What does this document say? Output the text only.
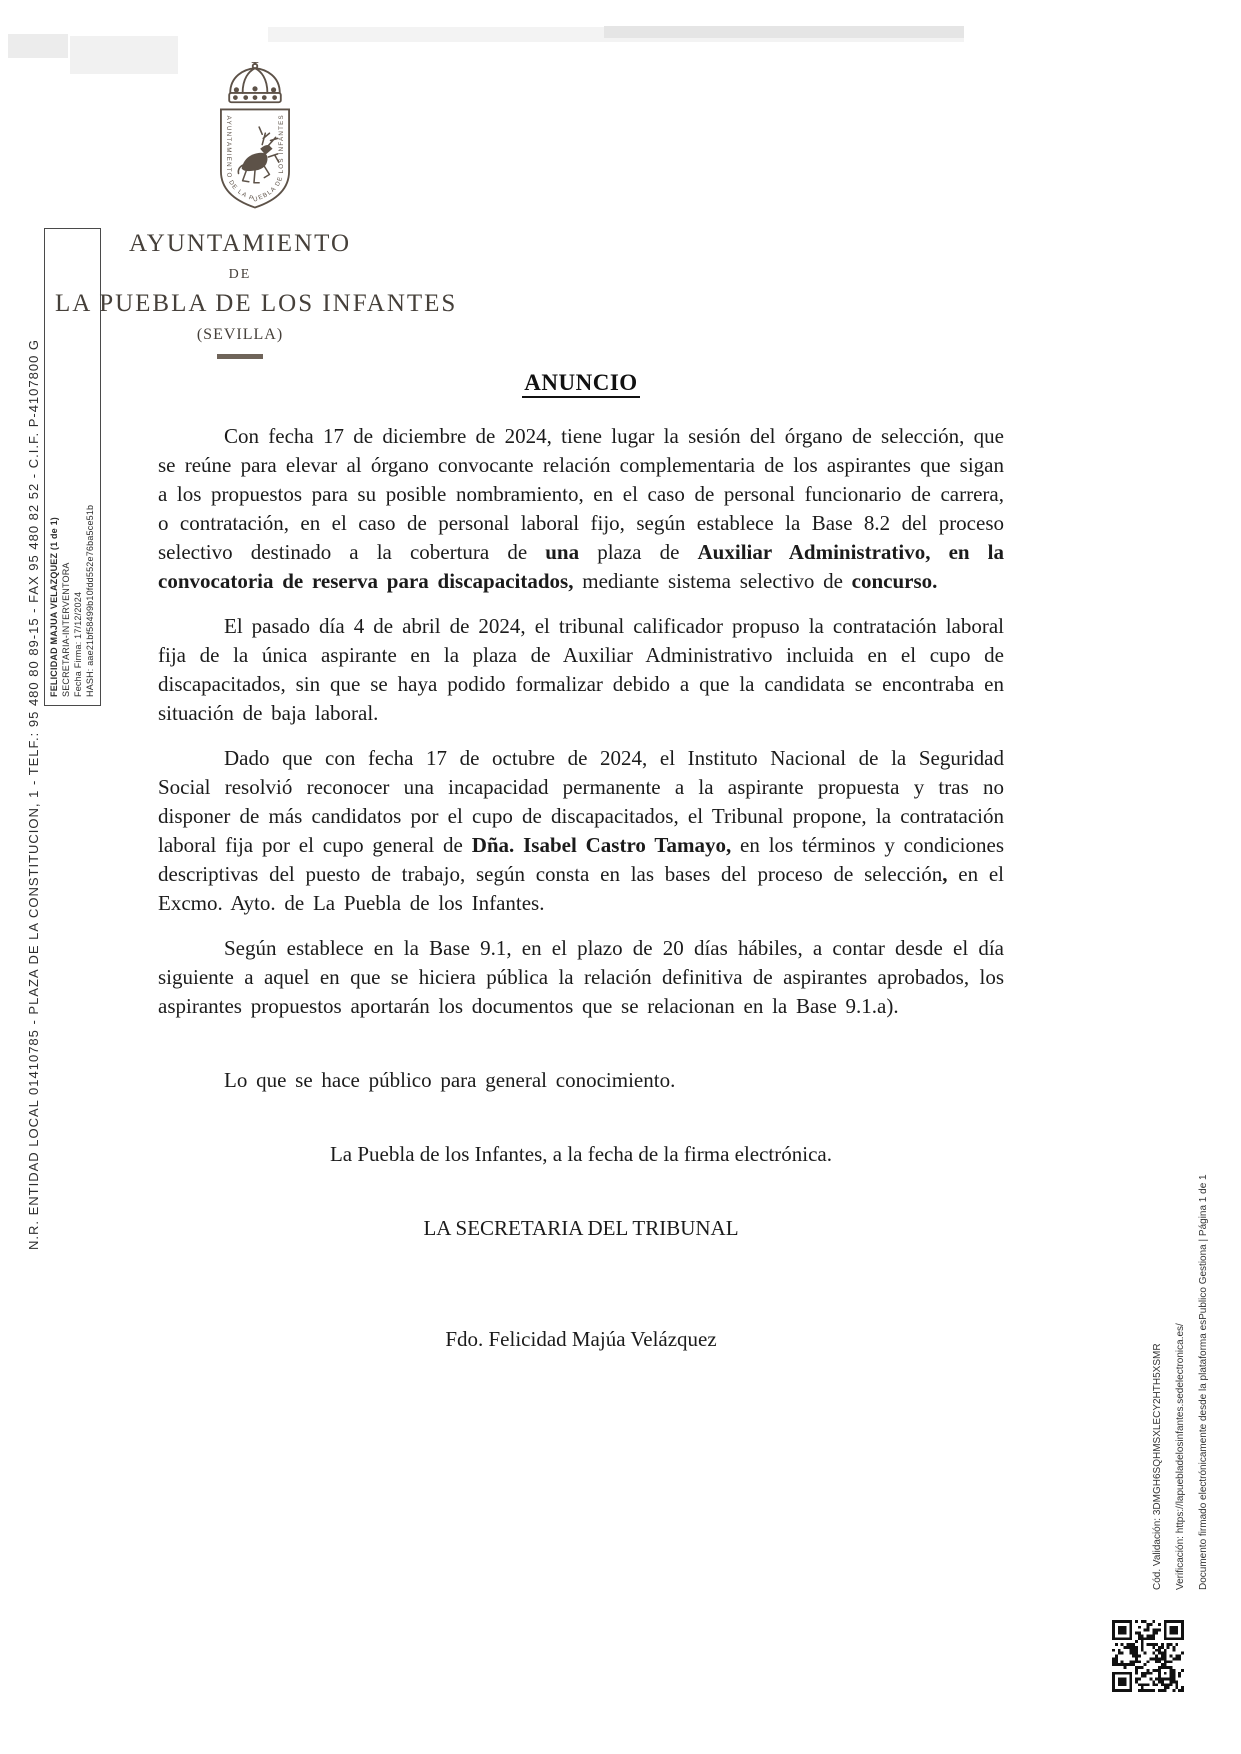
AYUNTAMIENTO DE LA PUEBLA DE LOS INFANTES
AYUNTAMIENTO
DE
LA PUEBLA DE LOS INFANTES
(SEVILLA)
ANUNCIO

Con fecha 17 de diciembre de 2024, tiene lugar la sesión del órgano de selección, que se reúne para elevar al órgano convocante relación complementaria de los aspirantes que sigan a los propuestos para su posible nombramiento, en el caso de personal funcionario de carrera, o contratación, en el caso de personal laboral fijo, según establece la Base 8.2 del proceso selectivo destinado a la cobertura de una plaza de Auxiliar Administrativo, en la convocatoria de reserva para discapacitados, mediante sistema selectivo de concurso.

El pasado día 4 de abril de 2024, el tribunal calificador propuso la contratación laboral fija de la única aspirante en la plaza de Auxiliar Administrativo incluida en el cupo de discapacitados, sin que se haya podido formalizar debido a que la candidata se encontraba en situación de baja laboral.

Dado que con fecha 17 de octubre de 2024, el Instituto Nacional de la Seguridad Social resolvió reconocer una incapacidad permanente a la aspirante propuesta y tras no disponer de más candidatos por el cupo de discapacitados, el Tribunal propone, la contratación laboral fija por el cupo general de Dña. Isabel Castro Tamayo, en los términos y condiciones descriptivas del puesto de trabajo, según consta en las bases del proceso de selección, en el Excmo. Ayto. de La Puebla de los Infantes.

Según establece en la Base 9.1, en el plazo de 20 días hábiles, a contar desde el día siguiente a aquel en que se hiciera pública la relación definitiva de aspirantes aprobados, los aspirantes propuestos aportarán los documentos que se relacionan en la Base 9.1.a).

Lo que se hace público para general conocimiento.

La Puebla de los Infantes, a la fecha de la firma electrónica.

LA SECRETARIA DEL TRIBUNAL

Fdo. Felicidad Majúa Velázquez

FELICIDAD MAJUA VELAZQUEZ (1 de 1) SECRETARIA-INTERVENTORA Fecha Firma: 17/12/2024 HASH: aae21bf58499b10fdd552e76ba5ce51b
N.R. ENTIDAD LOCAL 01410785 - PLAZA DE LA CONSTITUCION, 1 - TELF.: 95 480 80 89-15 - FAX 95 480 82 52 - C.I.F. P-4107800 G
Cód. Validación: 3DMGH6SQHMSXLECY2HTH5XSMR	Verificación: https://lapuebladelosinfantes.sedelectronica.es/	Documento firmado electrónicamente desde la plataforma esPublico Gestiona | Página 1 de 1
